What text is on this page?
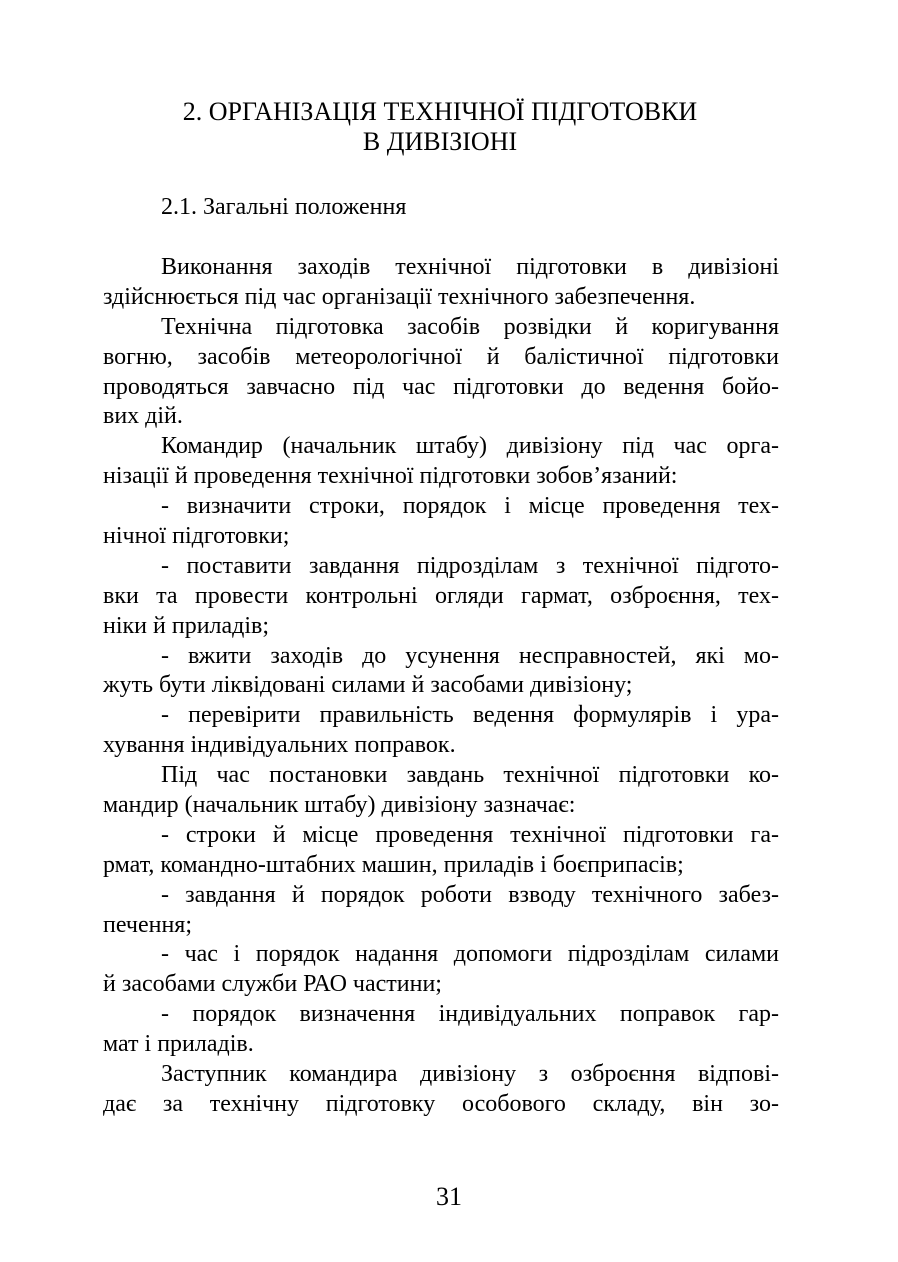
2. ОРГАНІЗАЦІЯ ТЕХНІЧНОЇ ПІДГОТОВКИ
В ДИВІЗІОНІ
2.1. Загальні положення
Виконання заходів технічної підготовки в дивізіоні
здійснюється під час організації технічного забезпечення.
Технічна підготовка засобів розвідки й коригування
вогню, засобів метеорологічної й балістичної підготовки
проводяться завчасно під час підготовки до ведення бойо-
вих дій.
Командир (начальник штабу) дивізіону під час орга-
нізації й проведення технічної підготовки зобов’язаний:
- визначити строки, порядок і місце проведення тех-
нічної підготовки;
- поставити завдання підрозділам з технічної підгото-
вки та провести контрольні огляди гармат, озброєння, тех-
ніки й приладів;
- вжити заходів до усунення несправностей, які мо-
жуть бути ліквідовані силами й засобами дивізіону;
- перевірити правильність ведення формулярів і ура-
хування індивідуальних поправок.
Під час постановки завдань технічної підготовки ко-
мандир (начальник штабу) дивізіону зазначає:
- строки й місце проведення технічної підготовки га-
рмат, командно-штабних машин, приладів і боєприпасів;
- завдання й порядок роботи взводу технічного забез-
печення;
- час і порядок надання допомоги підрозділам силами
й засобами служби РАО частини;
- порядок визначення індивідуальних поправок гар-
мат і приладів.
Заступник командира дивізіону з озброєння відпові-
дає за технічну підготовку особового складу, він зо-
31
